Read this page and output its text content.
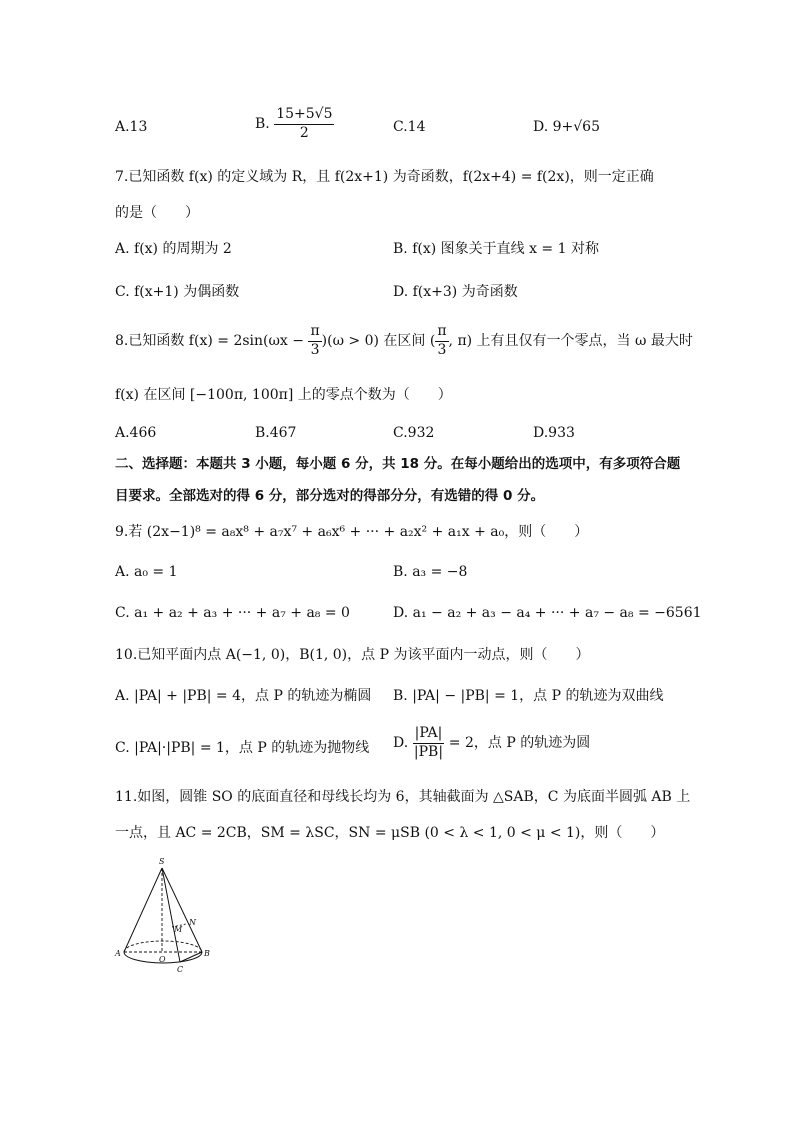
A.13	B. $\frac{15+5√5}{2}$	C.14	D. 9+√65
7.已知函数 f(x) 的定义域为 R，且 f(2x+1) 为奇函数，f(2x+4) = f(2x)，则一定正确
的是（　　）
A. f(x) 的周期为 2	B. f(x) 图象关于直线 x = 1 对称
C. f(x+1) 为偶函数	D. f(x+3) 为奇函数
8.已知函数 $f(x) = 2\sin(\omega x - \frac{\pi}{3} )(\omega > 0)$ 在区间 ( $\frac{\pi}{3}$ , π) 上有且仅有一个零点，当 ω 最大时
f(x) 在区间 [−100π, 100π] 上的零点个数为（　　）
A.466	B.467	C.932	D.933
二、选择题：本题共 3 小题，每小题 6 分，共 18 分。在每小题给出的选项中，有多项符合题
目要求。全部选对的得 6 分，部分选对的得部分分，有选错的得 0 分。
9.若 (2x−1)⁸ = a₈x⁸ + a₇x⁷ + a₆x⁶ + ··· + a₂x² + a₁x + a₀，则（　　）
A. a₀ = 1	B. a₃ = −8
C. a₁ + a₂ + a₃ + ··· + a₇ + a₈ = 0	D. a₁ − a₂ + a₃ − a₄ + ··· + a₇ − a₈ = −6561
10.已知平面内点 A(−1, 0)，B(1, 0)，点 P 为该平面内一动点，则（　　）
A. |PA| + |PB| = 4，点 P 的轨迹为椭圆 B. |PA| − |PB| = 1，点 P 的轨迹为双曲线
C. |PA|·|PB| = 1，点 P 的轨迹为抛物线 D. $\frac{|PA|}{|PB|} = 2$，点 P 的轨迹为圆
11.如图，圆锥 SO 的底面直径和母线长均为 6，其轴截面为 △SAB，C 为底面半圆弧 AB 上
一点，且 AC = 2CB，SM = λSC，SN = μSB (0 < λ < 1, 0 < μ < 1)，则（　　）
S
A
O
C
B
M
N
